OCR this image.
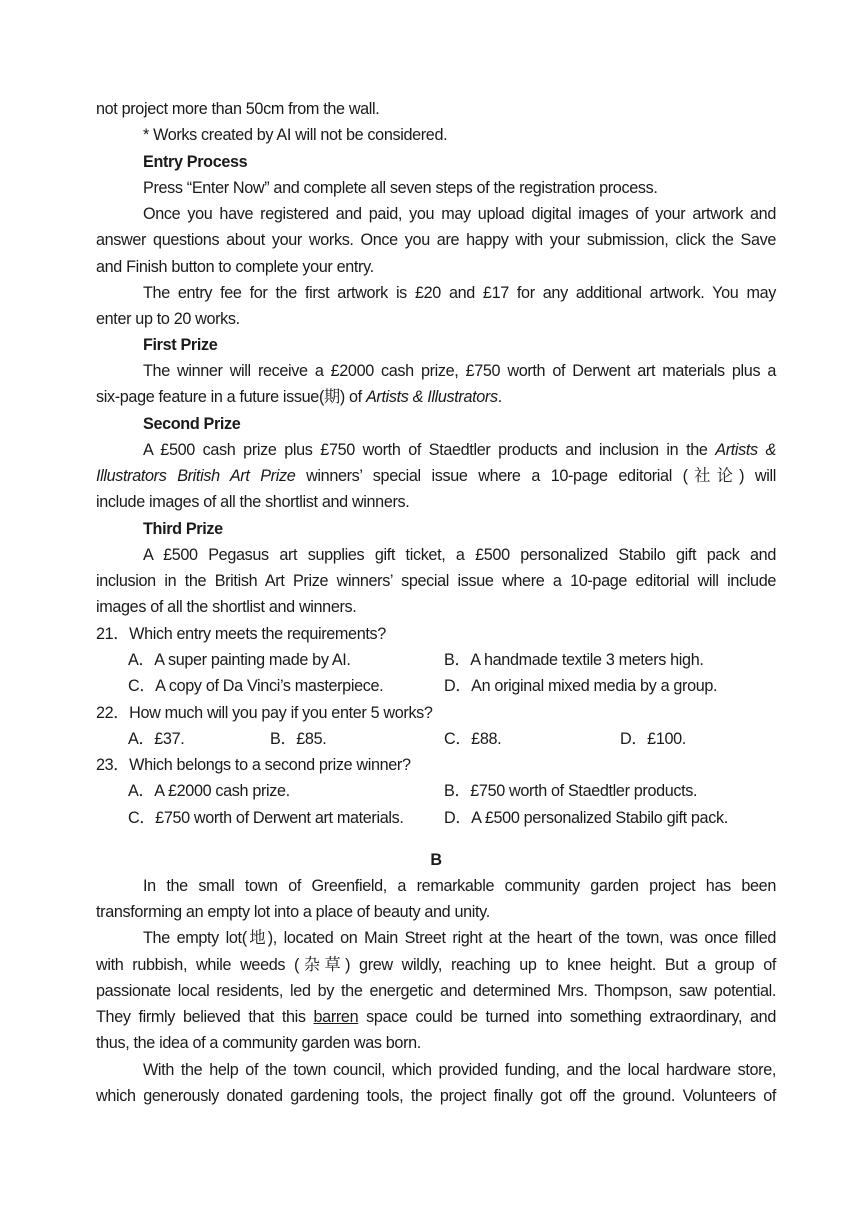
not project more than 50cm from the wall.
* Works created by AI will not be considered.
Entry Process
Press “Enter Now” and complete all seven steps of the registration process.
Once you have registered and paid, you may upload digital images of your artwork and
answer questions about your works. Once you are happy with your submission, click the Save
and Finish button to complete your entry.
The entry fee for the first artwork is £20 and £17 for any additional artwork. You may
enter up to 20 works.
First Prize
The winner will receive a £2000 cash prize, £750 worth of Derwent art materials plus a
six-page feature in a future issue(期) of Artists & Illustrators.
Second Prize
A £500 cash prize plus £750 worth of Staedtler products and inclusion in the Artists &
Illustrators British Art Prize winners’ special issue where a 10-page editorial (社论) will
include images of all the shortlist and winners.
Third Prize
A £500 Pegasus art supplies gift ticket, a £500 personalized Stabilo gift pack and
inclusion in the British Art Prize winners’ special issue where a 10-page editorial will include
images of all the shortlist and winners.
21．Which entry meets the requirements?
A．A super painting made by AI.	B．A handmade textile 3 meters high.
C．A copy of Da Vinci’s masterpiece.	D．An original mixed media by a group.
22．How much will you pay if you enter 5 works?
A．£37.	B．£85.	C．£88.	D．£100.
23．Which belongs to a second prize winner?
A．A £2000 cash prize.	B．£750 worth of Staedtler products.
C．£750 worth of Derwent art materials.	D．A £500 personalized Stabilo gift pack.
B
In the small town of Greenfield, a remarkable community garden project has been
transforming an empty lot into a place of beauty and unity.
The empty lot(地), located on Main Street right at the heart of the town, was once filled
with rubbish, while weeds (杂草) grew wildly, reaching up to knee height. But a group of
passionate local residents, led by the energetic and determined Mrs. Thompson, saw potential.
They firmly believed that this barren space could be turned into something extraordinary, and
thus, the idea of a community garden was born.
With the help of the town council, which provided funding, and the local hardware store,
which generously donated gardening tools, the project finally got off the ground. Volunteers of
